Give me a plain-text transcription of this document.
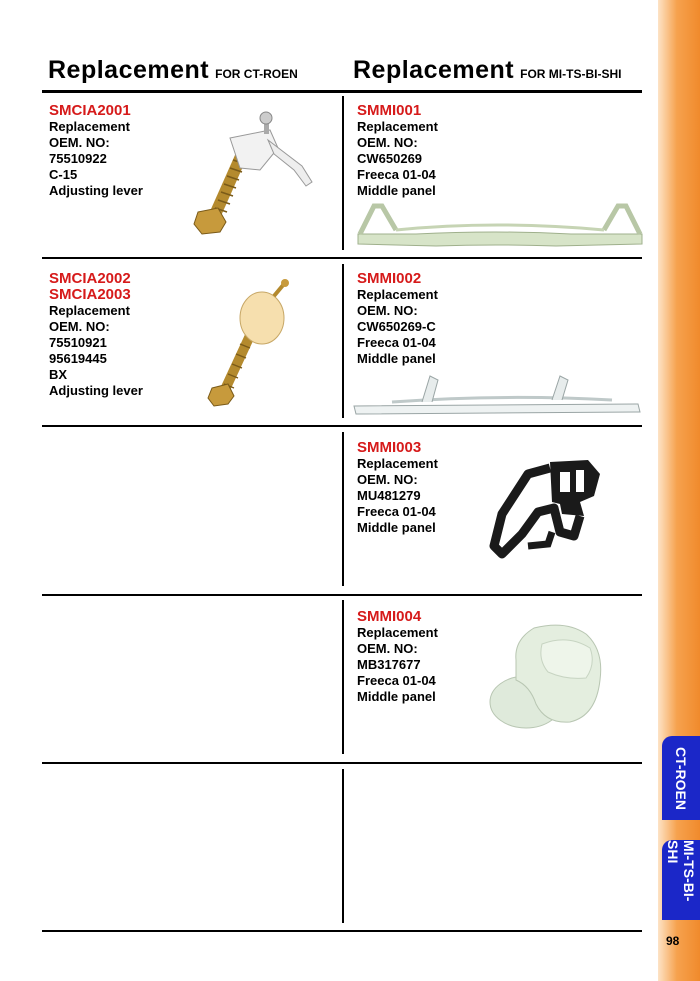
CT-ROEN
MI-TS-BI-SHI
98
Replacement FOR CT-ROEN Replacement FOR MI-TS-BI-SHI
SMCIA2001
Replacement
OEM. NO:
75510922
C-15
Adjusting lever
SMCIA2002
SMCIA2003
Replacement
OEM. NO:
75510921
95619445
BX
Adjusting lever
SMMI001
Replacement
OEM. NO:
CW650269
Freeca 01-04
Middle panel
SMMI002
Replacement
OEM. NO:
CW650269-C
Freeca 01-04
Middle panel
SMMI003
Replacement
OEM. NO:
MU481279
Freeca 01-04
Middle panel
SMMI004
Replacement
OEM. NO:
MB317677
Freeca 01-04
Middle panel
